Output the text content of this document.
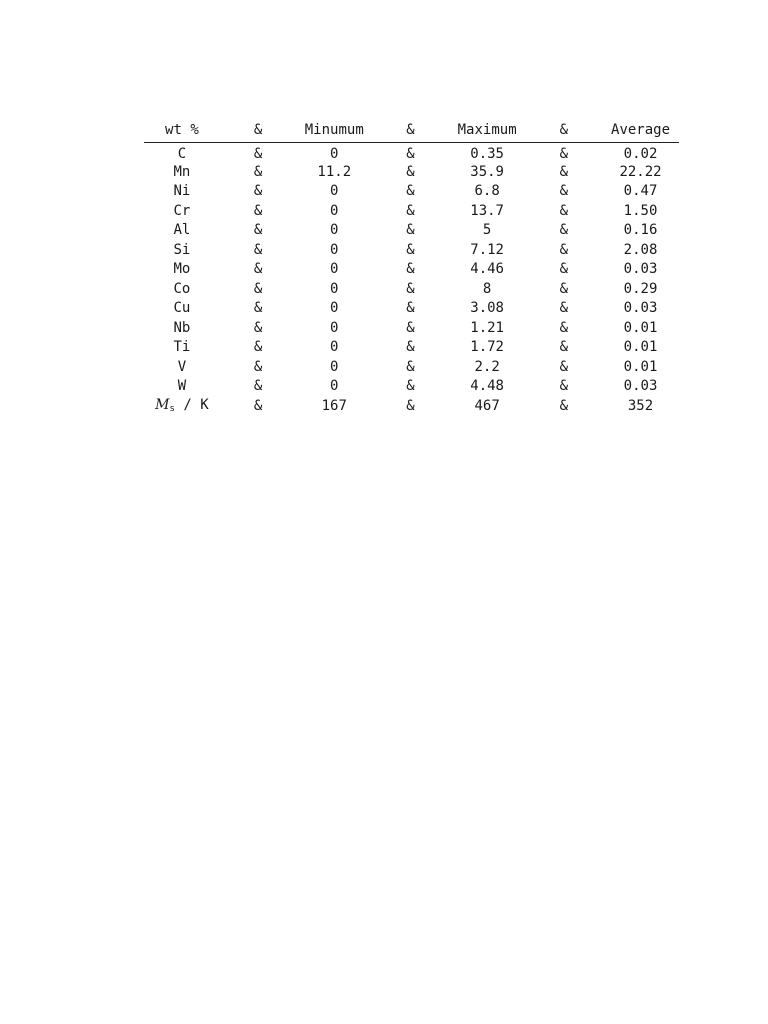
wt %	&	Minumum	&	Maximum	&	Average
C	&	0	&	0.35	&	0.02
Mn	&	11.2	&	35.9	&	22.22
Ni	&	0	&	6.8	&	0.47
Cr	&	0	&	13.7	&	1.50
Al	&	0	&	5	&	0.16
Si	&	0	&	7.12	&	2.08
Mo	&	0	&	4.46	&	0.03
Co	&	0	&	8	&	0.29
Cu	&	0	&	3.08	&	0.03
Nb	&	0	&	1.21	&	0.01
Ti	&	0	&	1.72	&	0.01
V	&	0	&	2.2	&	0.01
W	&	0	&	4.48	&	0.03
Ms / K	&	167	&	467	&	352
